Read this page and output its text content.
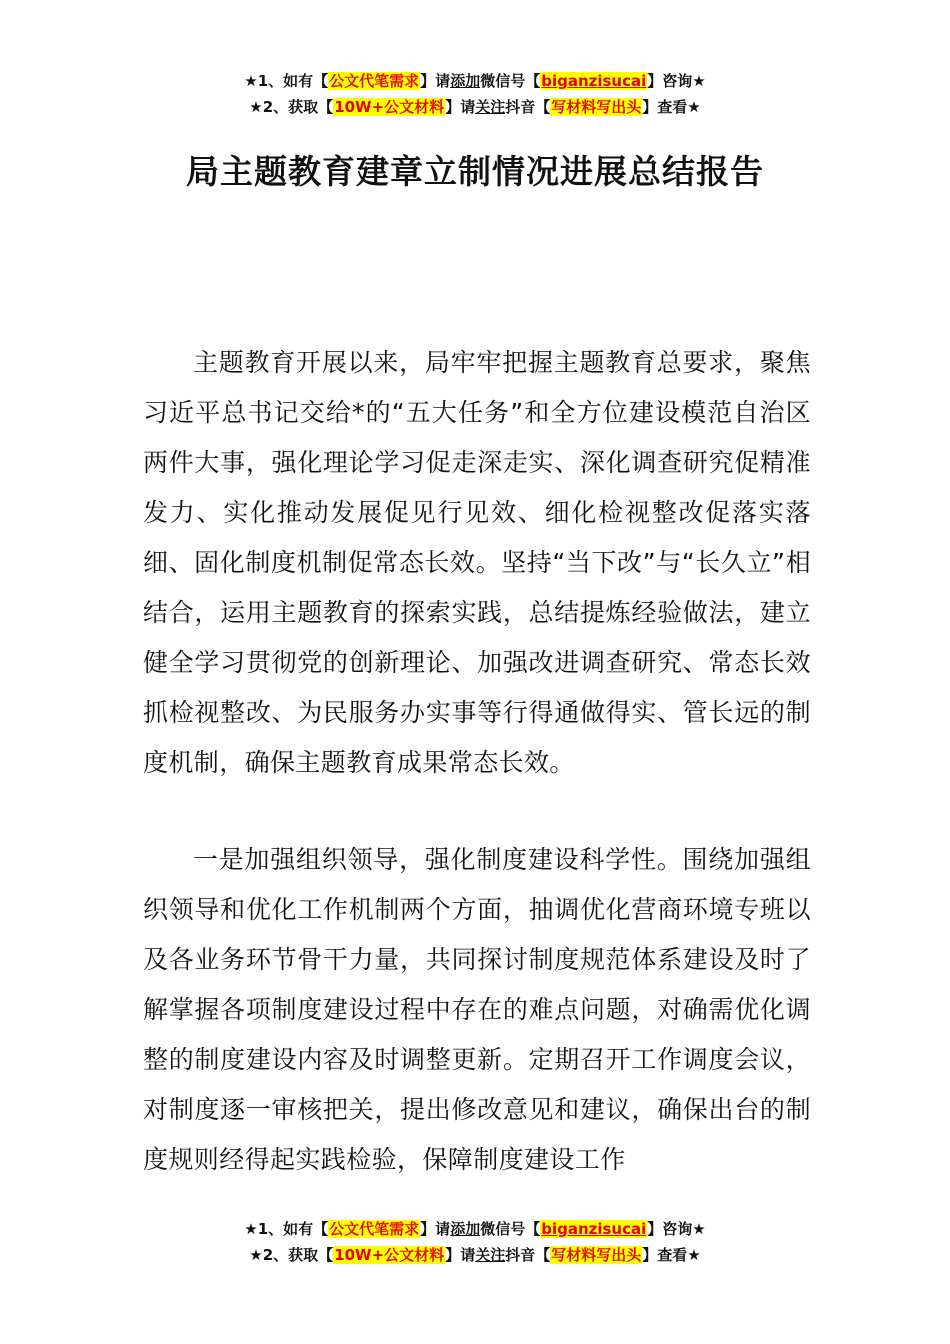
★1、如有【公文代笔需求】请添加微信号【biganzisucai】咨询★
★2、获取【10W+公文材料】请关注抖音【写材料写出头】查看★
局主题教育建章立制情况进展总结报告

主题教育开展以来，局牢牢把握主题教育总要求，聚焦习近平总书记交给*的“五大任务”和全方位建设模范自治区两件大事，强化理论学习促走深走实、深化调查研究促精准发力、实化推动发展促见行见效、细化检视整改促落实落细、固化制度机制促常态长效。坚持“当下改”与“长久立”相结合，运用主题教育的探索实践，总结提炼经验做法，建立健全学习贯彻党的创新理论、加强改进调查研究、常态长效抓检视整改、为民服务办实事等行得通做得实、管长远的制度机制，确保主题教育成果常态长效。

一是加强组织领导，强化制度建设科学性。围绕加强组织领导和优化工作机制两个方面，抽调优化营商环境专班以及各业务环节骨干力量，共同探讨制度规范体系建设及时了解掌握各项制度建设过程中存在的难点问题，对确需优化调整的制度建设内容及时调整更新。定期召开工作调度会议，对制度逐一审核把关，提出修改意见和建议，确保出台的制度规则经得起实践检验，保障制度建设工作

★1、如有【公文代笔需求】请添加微信号【biganzisucai】咨询★
★2、获取【10W+公文材料】请关注抖音【写材料写出头】查看★
